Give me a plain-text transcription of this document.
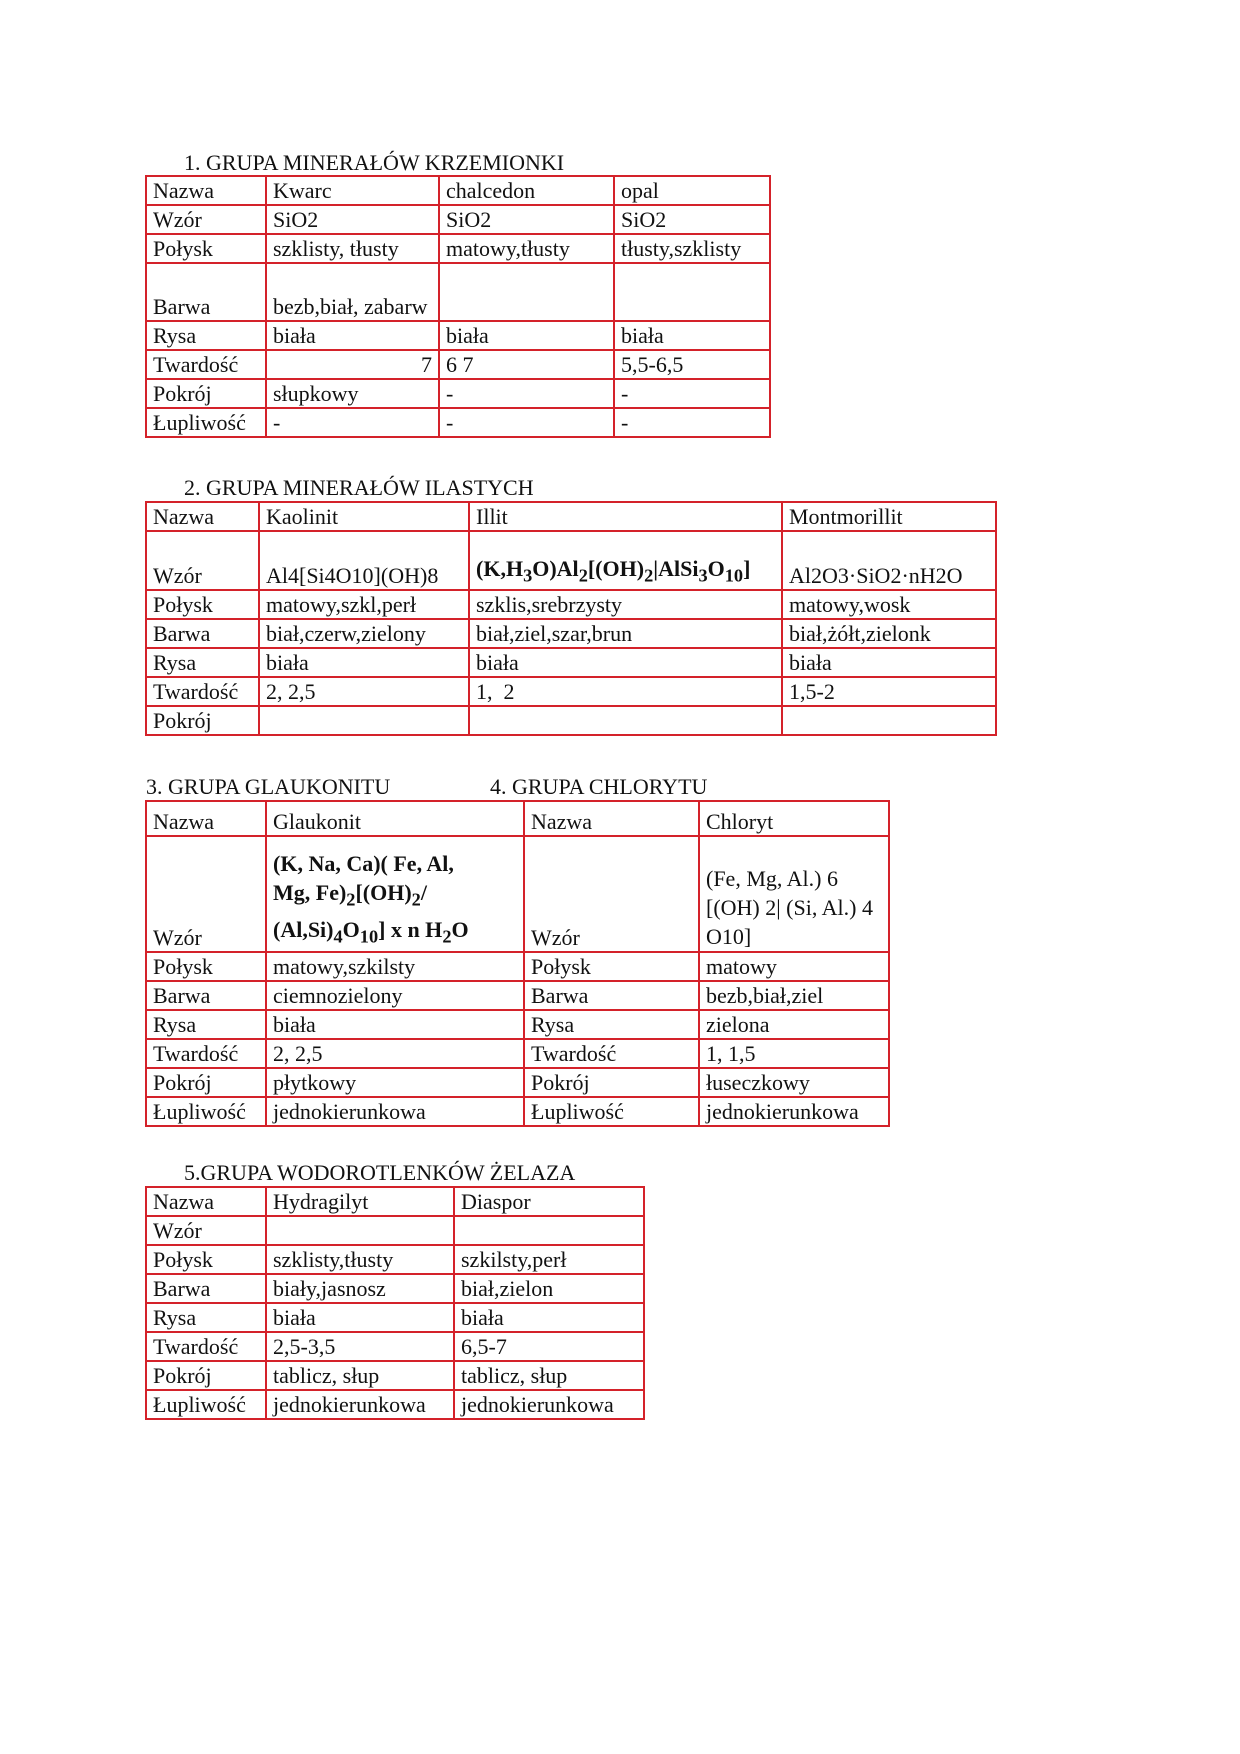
1. GRUPA MINERAŁÓW KRZEMIONKI
Nazwa	Kwarc	chalcedon	opal
Wzór	SiO2	SiO2	SiO2
Połysk	szklisty, tłusty	matowy,tłusty	tłusty,szklisty
Barwa	bezb,biał, zabarw		
Rysa	biała	biała	biała
Twardość	7	6 7	5,5-6,5
Pokrój	słupkowy	-	-
Łupliwość	-	-	-
2. GRUPA MINERAŁÓW ILASTYCH
Nazwa	Kaolinit	Illit	Montmorillit
Wzór	Al4[Si4O10](OH)8	$(K,H_3O)Al_2[(OH)_2|AlSi_3O_{10}]$	Al2O3·SiO2·nH2O
Połysk	matowy,szkl,perł	szklis,srebrzysty	matowy,wosk
Barwa	biał,czerw,zielony	biał,ziel,szar,brun	biał,żółt,zielonk
Rysa	biała	biała	biała
Twardość	2, 2,5	1,  2	1,5-2
Pokrój			
3. GRUPA GLAUKONITU	4. GRUPA CHLORYTU
Nazwa	Glaukonit	Nazwa	Chloryt
Wzór	(K, Na, Ca)( Fe, Al,
Mg, $Fe)_2[(OH)_2/$
$(Al,Si)_4O_{10}$] x n $H_2O$	Wzór	(Fe, Mg, Al.) 6 [(OH) 2| (Si, Al.) 4 O10]
Połysk	matowy,szkilsty	Połysk	matowy
Barwa	ciemnozielony	Barwa	bezb,biał,ziel
Rysa	biała	Rysa	zielona
Twardość	2, 2,5	Twardość	1, 1,5
Pokrój	płytkowy	Pokrój	łuseczkowy
Łupliwość	jednokierunkowa	Łupliwość	jednokierunkowa
5.GRUPA WODOROTLENKÓW ŻELAZA
Nazwa	Hydragilyt	Diaspor
Wzór		
Połysk	szklisty,tłusty	szkilsty,perł
Barwa	biały,jasnosz	biał,zielon
Rysa	biała	biała
Twardość	2,5-3,5	6,5-7
Pokrój	tablicz, słup	tablicz, słup
Łupliwość	jednokierunkowa	jednokierunkowa
